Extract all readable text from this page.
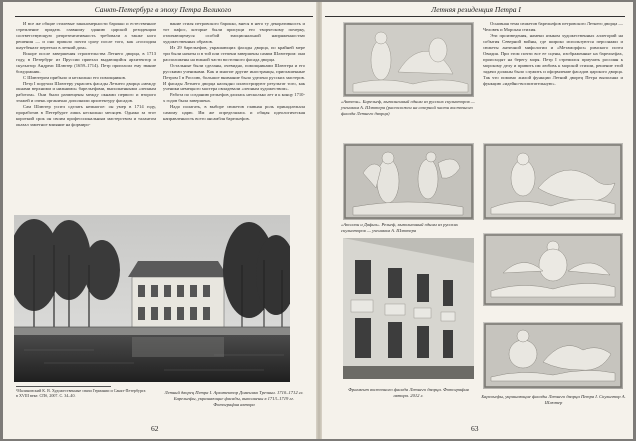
Санкт-Петербург в эпоху Петра Великого

И все же общие стилевые закономерности барокко и естественное стремление придать главному зданию царской резиденции соответствующую репрезентативность требовали а также ного решения — и оно пришло почти сразу после того, как «господин шаутбенахт переехал в летний дом».

Вскоре после завершения строительства Летнего дворца, в 1713 году, в Петербург из Пруссии приехал выдающийся архитектор и скульптор Андреас Шлютер (1659–1714). Петр пригласил ему звание бохудожник.

С Шлютером прибыло и несколько его помощников.

Петр I поручил Шлютеру украсить фасады Летнего дворца «между окнами верхними и нижними» барельефами, выполненными «лепным работом». Они были размещены между окнами первого и второго этажей и очень органично дополнили архитектуру фасадов.

Сам Шлютер успел сделать немногое: он умер в 1714 году, проработав в Петербурге лишь несколько месяцев. Однако за этот короткий срок он своим профессиональным мастерством и талантом оказал заметное влияние на формиро-

вание стиля петровского барокко, внеся в него ту декоративность и тот пафос, которые были присущи его творческому почерку, отличающемуся особой эмоциональной напряженностью художественных образов.

Из 29 барельефов, украшающих фасады дворца, по крайней мере три были начаты и в той или степени завершены самим Шлютером: они расположены на южной части восточного фасада дворца.

Остальные были сделаны, очевидно, помощниками Шлютера и его русскими учениками. Как и многие другие иностранцы, приглашенные Петром I в Россию, большое внимание было уделено русских мастеров. И фасады Летнего дворца наглядно иллюстрируют результат того, как ученики немецкого мастера овладевали «лепным художеством».

Работа по созданию рельефов длилась несколько лет и к концу 1710-х годов была завершена.

Надо полагать, в выборе сюжетов главная роль принадлежала самому царю. Им же определялась и общая идеологическая направленность всего ансамбля барельефов.

¹Малиновский К. В. Художественные связи Германии и Санкт-Петербурга в XVIII веке. СПб, 2007. С. 34–40.
Летний дворец Петра I. Архитектор Доменико Трезини. 1710–1712 гг. Барельефы, украшающие фасады, выполнены в 1713–1719 гг. Фотография автора
62
Летняя резиденция Петра I
«Актеон». Барельеф, выполненный одним из русских скульпторов — учеником А. Шлютера (расположен на северной части восточного фасада Летнего дворца)

Основная тема сюжетов барельефов петровского Летнего дворца — Человек и Морская стихия.

Эти произведения, намеки языком художественных аллегорий на события Северной войны, где широко используются персонажи и сюжеты античной мифологии и «Метаморфоз» римского поэта Овидия. При этом почти все ее сцены, изображенные на барельефах, происходят на берегу моря. Петр I стремился приучить россиян к морскому делу и привить им любовь к морской стихии, решение этой задачи должны было служить и оформление фасадов царского дворца. Так что помимо жилой функции Летний дворец Петра выполнял и функцию «идейно-воспитательную».

«Аполлон и Дафна». Рельеф, выполненный одним из русских скульпторов — учеником А. Шлютера
Фрагмент восточного фасада Летнего дворца. Фотография автора. 2012 г.	Барельефы, украшающие фасады Летнего дворца Петра I. Скульптор А. Шлютер
63
